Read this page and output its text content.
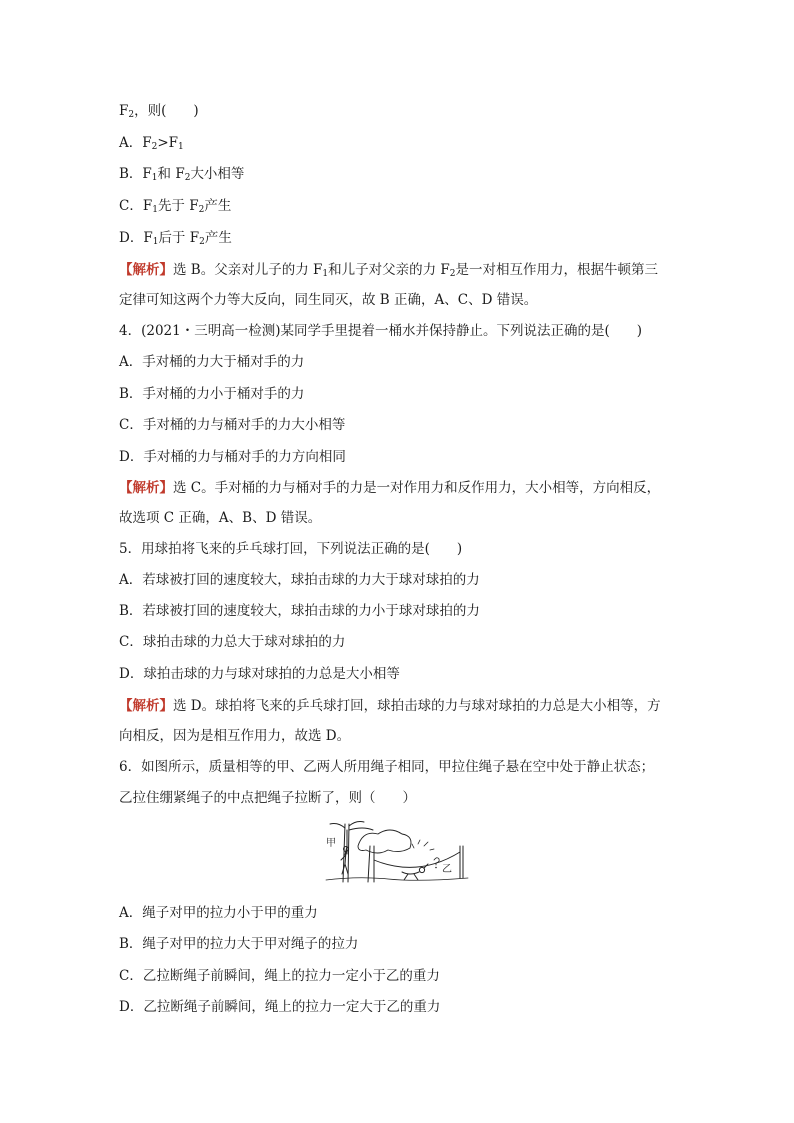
$F_2$，则(　　)
A．$F_2>F_1$
B．$F_1$和 $F_2$大小相等
C．$F_1$先于 $F_2$产生
D．$F_1$后于 $F_2$产生
【解析】选 B。父亲对儿子的力 $F_1$和儿子对父亲的力 $F_2$是一对相互作用力，根据牛顿第三
定律可知这两个力等大反向，同生同灭，故 B 正确，A、C、D 错误。
4．(2021・三明高一检测)某同学手里提着一桶水并保持静止。下列说法正确的是(　　)
A．手对桶的力大于桶对手的力
B．手对桶的力小于桶对手的力
C．手对桶的力与桶对手的力大小相等
D．手对桶的力与桶对手的力方向相同
【解析】选 C。手对桶的力与桶对手的力是一对作用力和反作用力，大小相等，方向相反，
故选项 C 正确，A、B、D 错误。
5．用球拍将飞来的乒乓球打回，下列说法正确的是(　　)
A．若球被打回的速度较大，球拍击球的力大于球对球拍的力
B．若球被打回的速度较大，球拍击球的力小于球对球拍的力
C．球拍击球的力总大于球对球拍的力
D．球拍击球的力与球对球拍的力总是大小相等
【解析】选 D。球拍将飞来的乒乓球打回，球拍击球的力与球对球拍的力总是大小相等，方
向相反，因为是相互作用力，故选 D。
6．如图所示，质量相等的甲、乙两人所用绳子相同，甲拉住绳子悬在空中处于静止状态；
乙拉住绷紧绳子的中点把绳子拉断了，则（　　）
甲
乙
A．绳子对甲的拉力小于甲的重力
B．绳子对甲的拉力大于甲对绳子的拉力
C．乙拉断绳子前瞬间，绳上的拉力一定小于乙的重力
D．乙拉断绳子前瞬间，绳上的拉力一定大于乙的重力
